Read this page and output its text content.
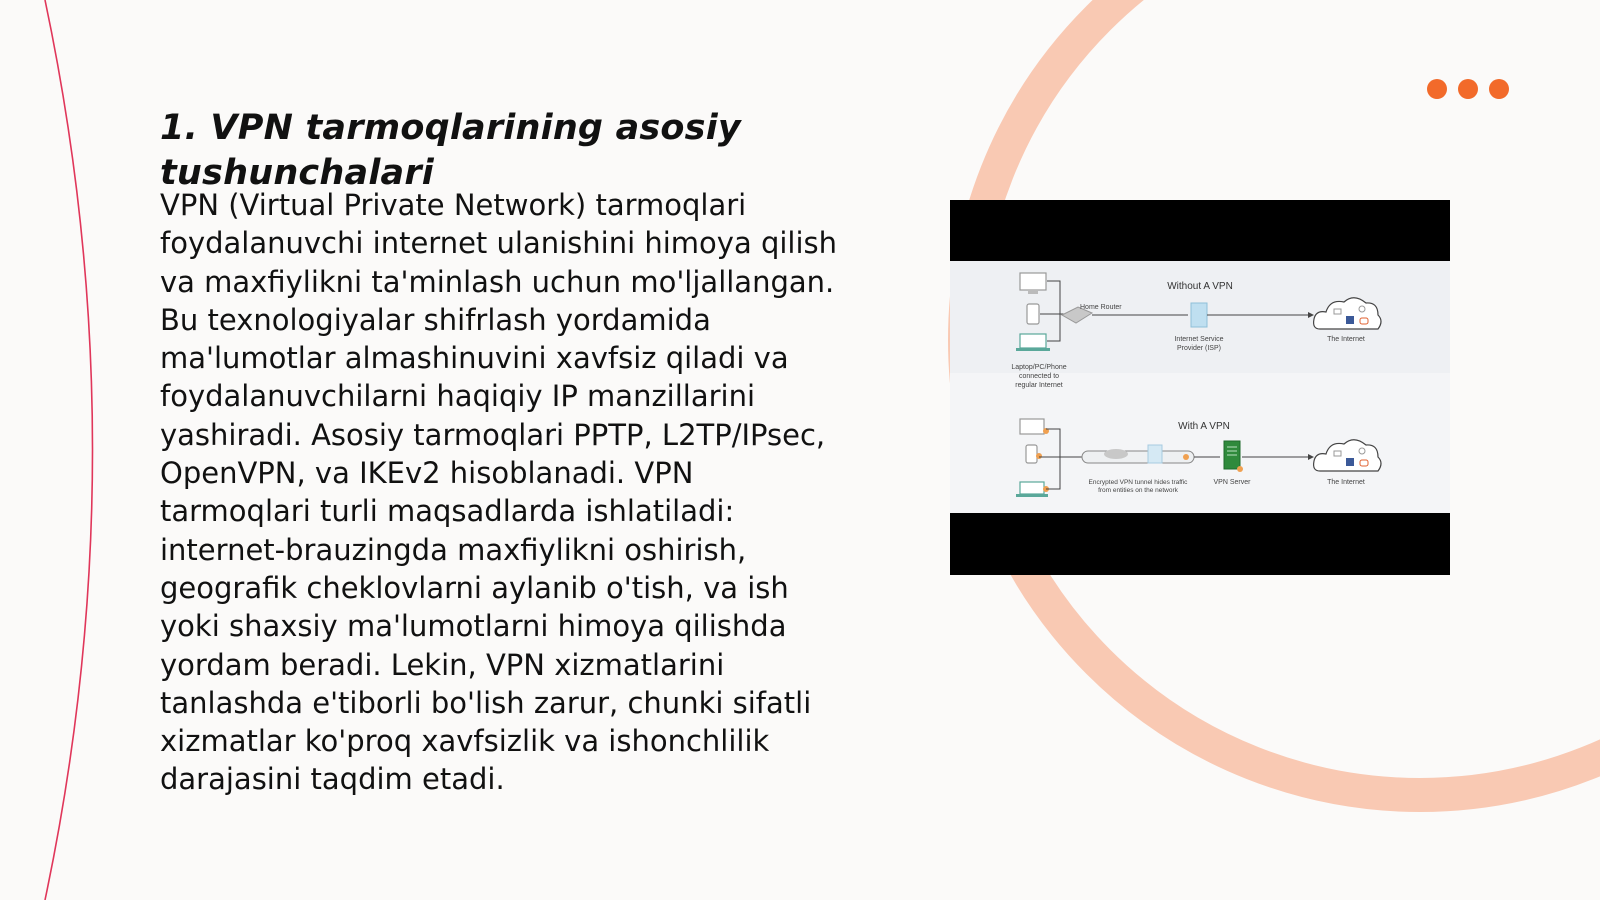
1. VPN tarmoqlarining asosiy tushunchalari

VPN (Virtual Private Network) tarmoqlari foydalanuvchi internet ulanishini himoya qilish va maxfiylikni ta'minlash uchun mo'ljallangan. Bu texnologiyalar shifrlash yordamida ma'lumotlar almashinuvini xavfsiz qiladi va foydalanuvchilarni haqiqiy IP manzillarini yashiradi. Asosiy tarmoqlari PPTP, L2TP/IPsec, OpenVPN, va IKEv2 hisoblanadi. VPN tarmoqlari turli maqsadlarda ishlatiladi: internet-brauzingda maxfiylikni oshirish, geografik cheklovlarni aylanib o'tish, va ish yoki shaxsiy ma'lumotlarni himoya qilishda yordam beradi. Lekin, VPN xizmatlarini tanlashda e'tiborli bo'lish zarur, chunki sifatli xizmatlar ko'proq xavfsizlik va ishonchlilik darajasini taqdim etadi.

Without A VPN
Home Router
Internet Service
Provider (ISP)
The Internet
Laptop/PC/Phone
connected to
regular Internet
With A VPN
Encrypted VPN tunnel hides traffic
from entities on the network
VPN Server	The Internet
